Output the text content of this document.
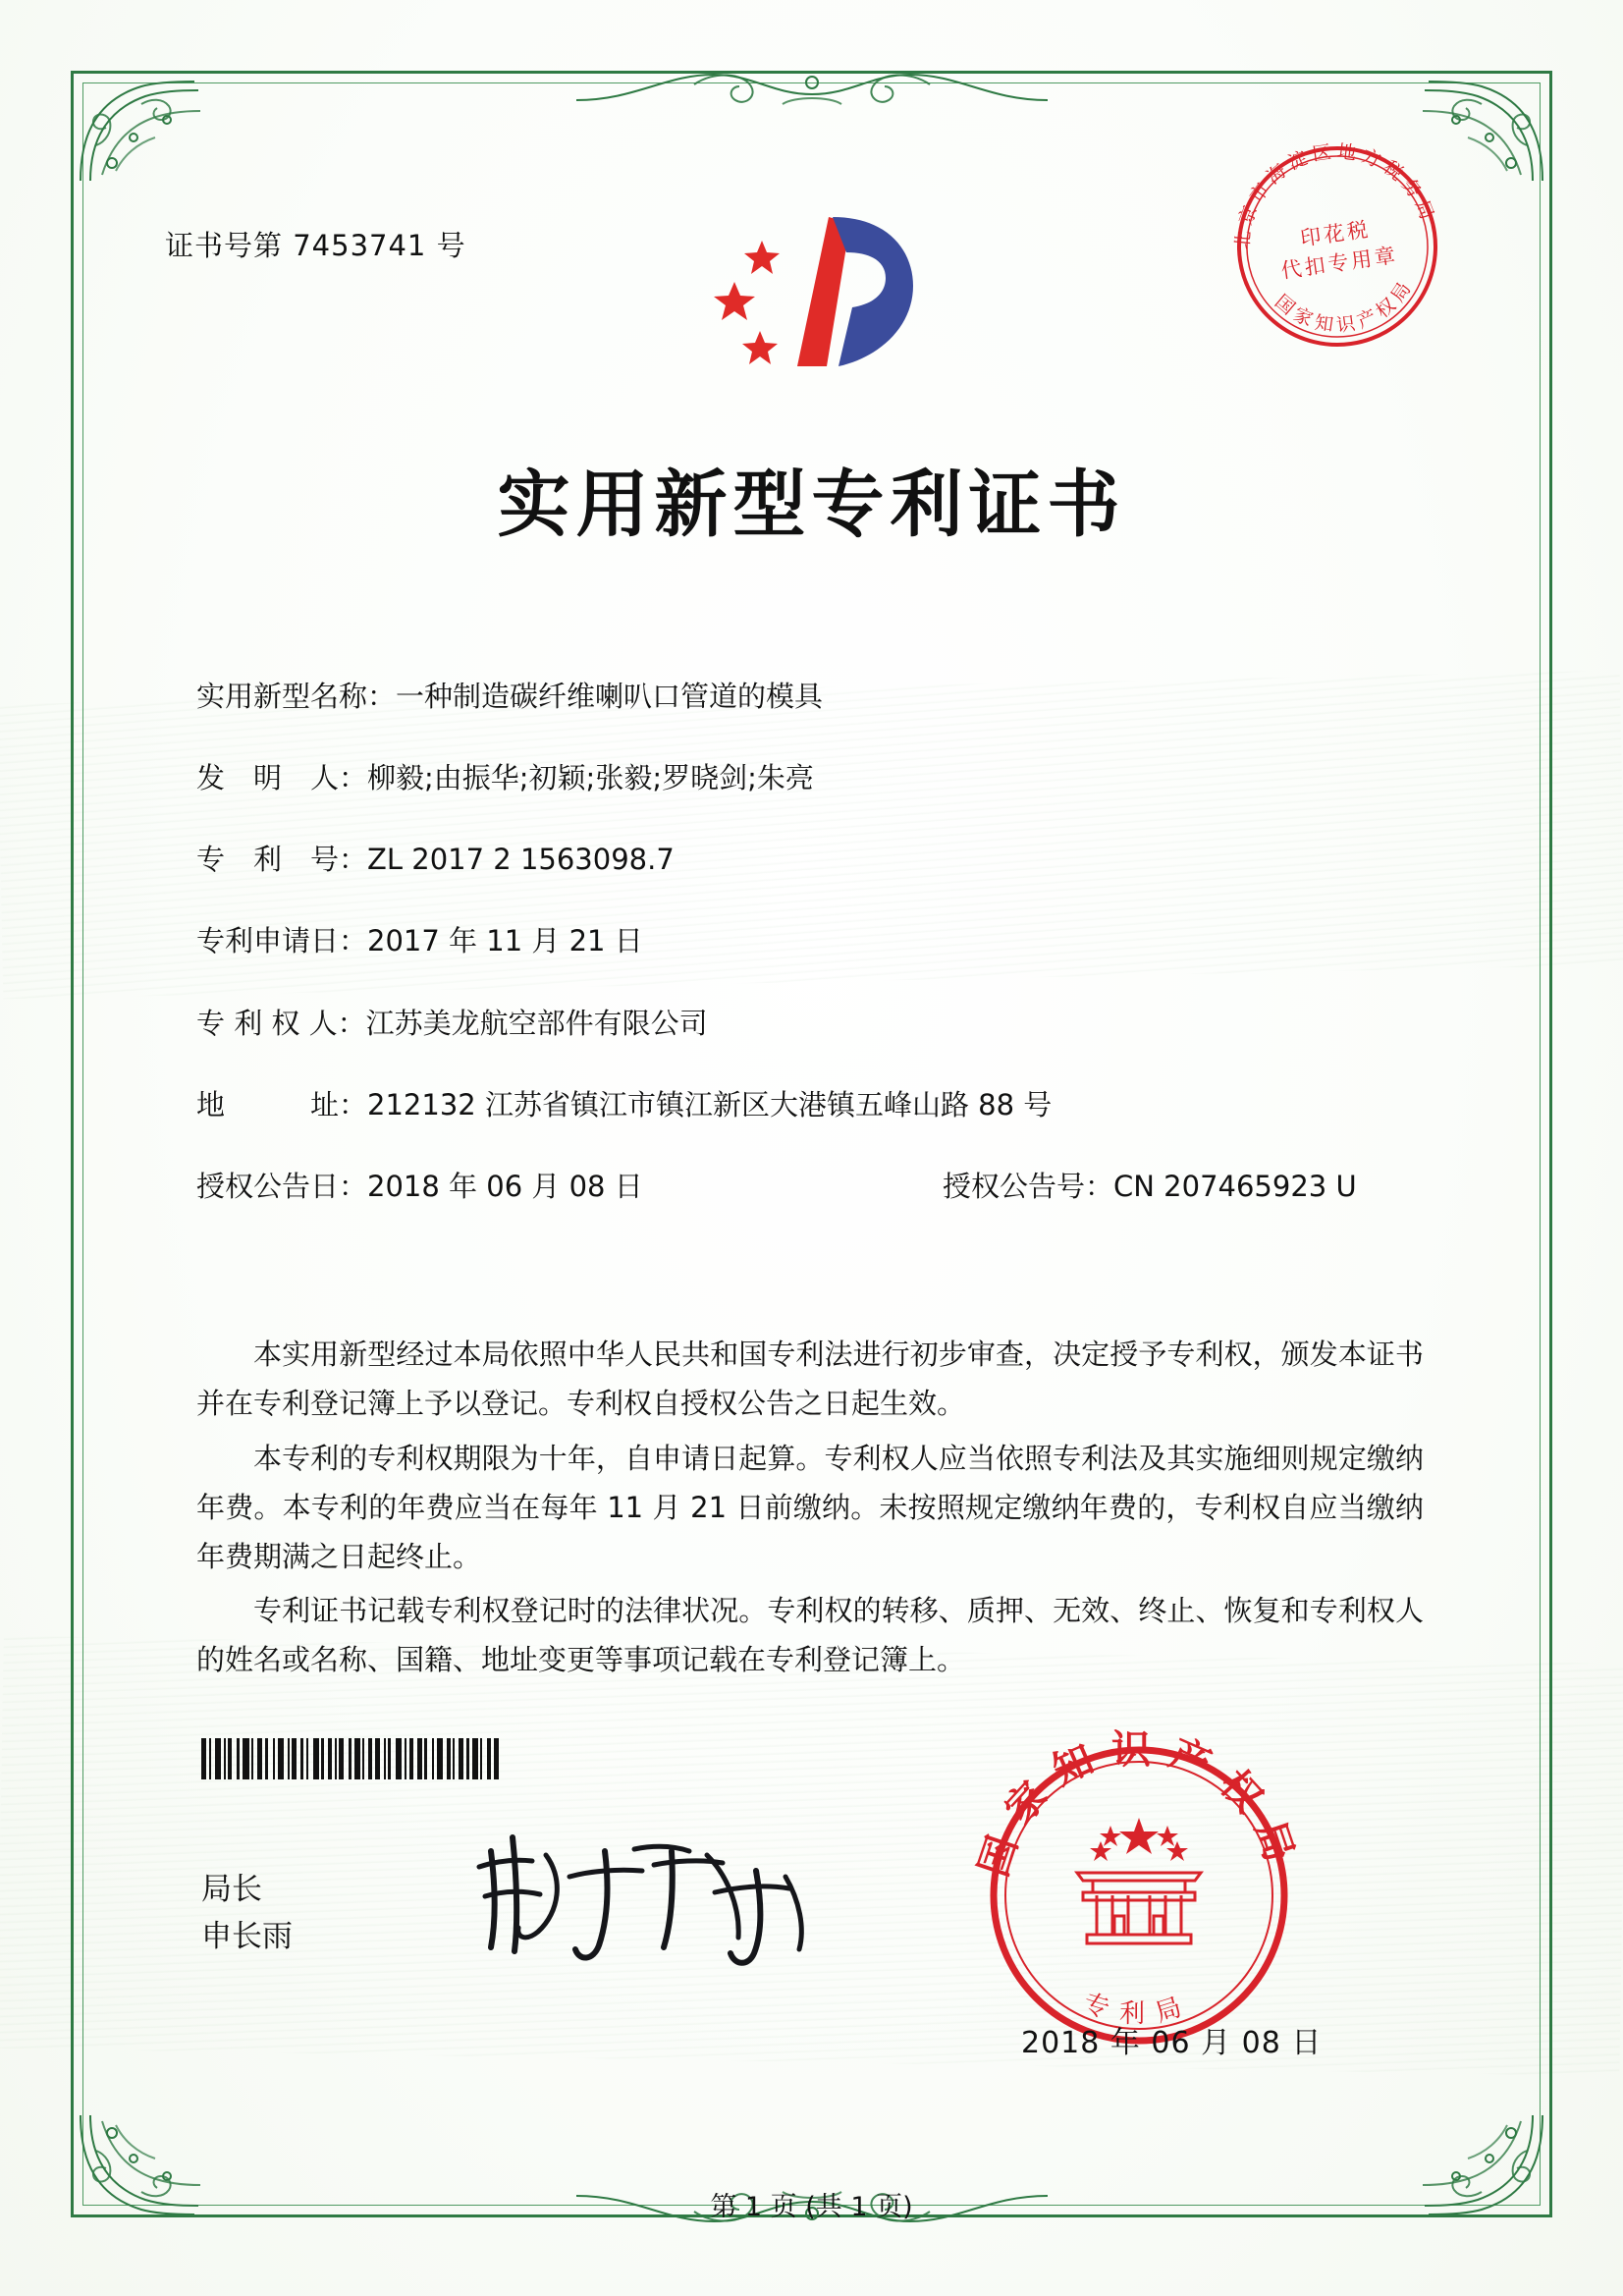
证书号第 7453741 号	北京市海淀区地方税务局
国家知识产权局
印花税
代扣专用章
实用新型专利证书
实用新型名称： 一种制造碳纤维喇叭口管道的模具
发　明　人： 柳毅;由振华;初颖;张毅;罗晓剑;朱亮
专　利　号： ZL 2017 2 1563098.7
专利申请日： 2017 年 11 月 21 日
专 利 权 人： 江苏美龙航空部件有限公司
地　　　址： 212132 江苏省镇江市镇江新区大港镇五峰山路 88 号
授权公告日： 2018 年 06 月 08 日	授权公告号： CN 207465923 U

本实用新型经过本局依照中华人民共和国专利法进行初步审查，决定授予专利权，颁发本证书并在专利登记簿上予以登记。专利权自授权公告之日起生效。

本专利的专利权期限为十年，自申请日起算。专利权人应当依照专利法及其实施细则规定缴纳年费。本专利的年费应当在每年 11 月 21 日前缴纳。未按照规定缴纳年费的，专利权自应当缴纳年费期满之日起终止。

专利证书记载专利权登记时的法律状况。专利权的转移、质押、无效、终止、恢复和专利权人的姓名或名称、国籍、地址变更等事项记载在专利登记簿上。

局长
申长雨
国家知识产权局
专利局
2018 年 06 月 08 日
第 1 页 (共 1 页)
